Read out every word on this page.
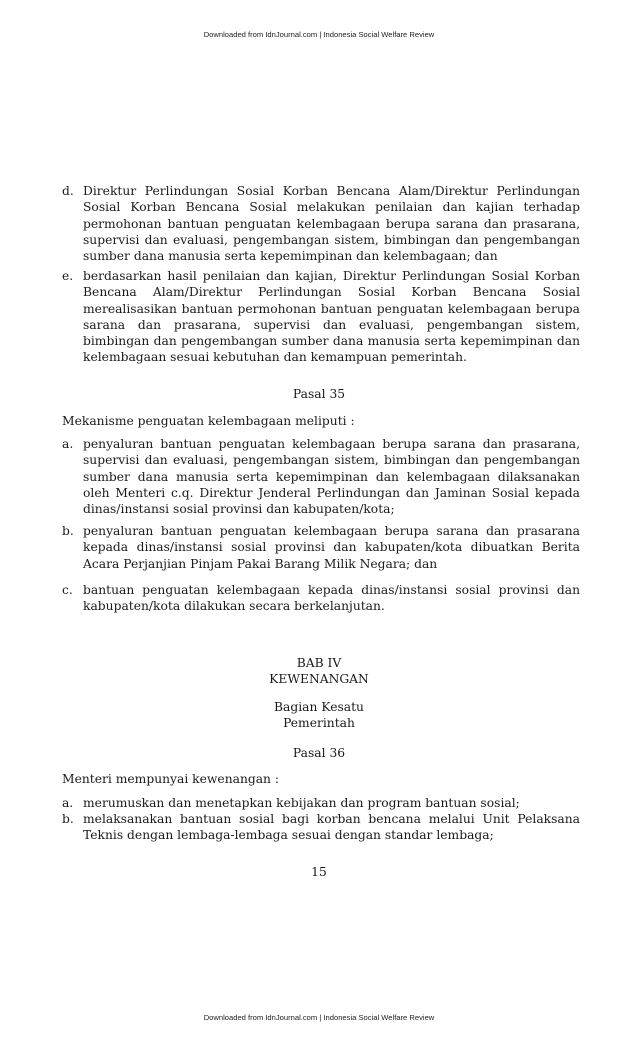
Downloaded from IdnJournal.com | Indonesia Social Welfare Review
d. Direktur Perlindungan Sosial Korban Bencana Alam/Direktur Perlindungan Sosial Korban Bencana Sosial melakukan penilaian dan kajian terhadap permohonan bantuan penguatan kelembagaan berupa sarana dan prasarana, supervisi dan evaluasi, pengembangan sistem, bimbingan dan pengembangan sumber dana manusia serta kepemimpinan dan kelembagaan; dan
e. berdasarkan hasil penilaian dan kajian, Direktur Perlindungan Sosial Korban Bencana Alam/Direktur Perlindungan Sosial Korban Bencana Sosial merealisasikan bantuan permohonan bantuan penguatan kelembagaan berupa sarana dan prasarana, supervisi dan evaluasi, pengembangan sistem, bimbingan dan pengembangan sumber dana manusia serta kepemimpinan dan kelembagaan sesuai kebutuhan dan kemampuan pemerintah.
Pasal 35
Mekanisme penguatan kelembagaan meliputi :
a. penyaluran bantuan penguatan kelembagaan berupa sarana dan prasarana, supervisi dan evaluasi, pengembangan sistem, bimbingan dan pengembangan sumber dana manusia serta kepemimpinan dan kelembagaan dilaksanakan oleh Menteri c.q. Direktur Jenderal Perlindungan dan Jaminan Sosial kepada dinas/instansi sosial provinsi dan kabupaten/kota;
b. penyaluran bantuan penguatan kelembagaan berupa sarana dan prasarana kepada dinas/instansi sosial provinsi dan kabupaten/kota dibuatkan Berita Acara Perjanjian Pinjam Pakai Barang Milik Negara; dan
c. bantuan penguatan kelembagaan kepada dinas/instansi sosial provinsi dan kabupaten/kota dilakukan secara berkelanjutan.
BAB IV
KEWENANGAN
Bagian Kesatu
Pemerintah
Pasal 36
Menteri mempunyai kewenangan :
a. merumuskan dan menetapkan kebijakan dan program bantuan sosial;
b. melaksanakan bantuan sosial bagi korban bencana melalui Unit Pelaksana Teknis dengan lembaga-lembaga sesuai dengan standar lembaga;
15
Downloaded from IdnJournal.com | Indonesia Social Welfare Review
